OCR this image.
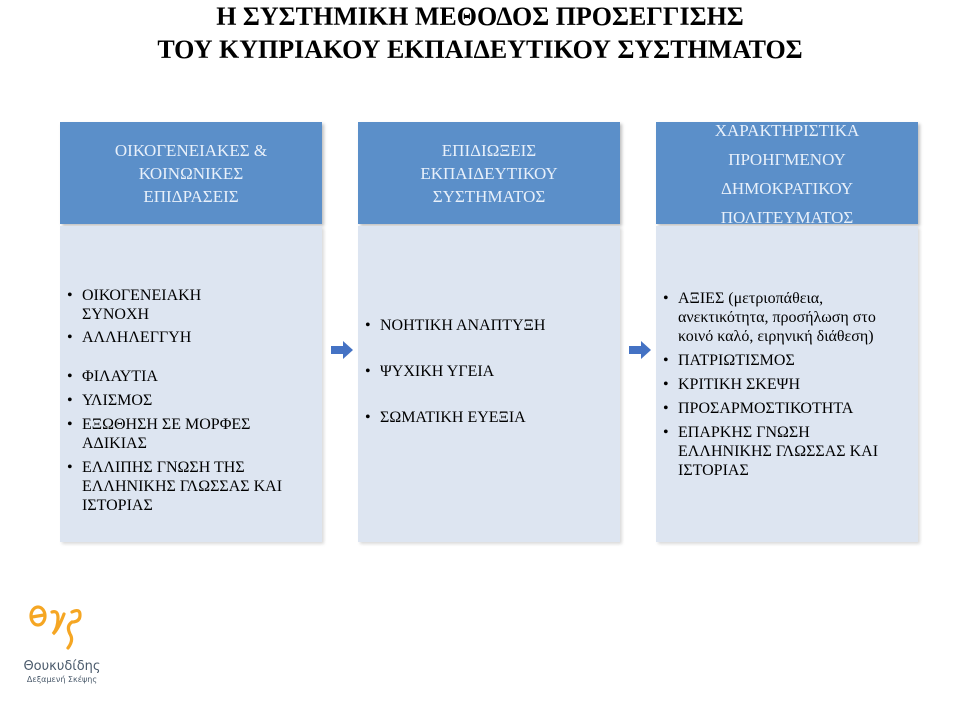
Η ΣΥΣΤΗΜΙΚΗ ΜΕΘΟΔΟΣ ΠΡΟΣΕΓΓΙΣΗΣ
ΤΟΥ ΚΥΠΡΙΑΚΟΥ ΕΚΠΑΙΔΕΥΤΙΚΟΥ ΣΥΣΤΗΜΑΤΟΣ
ΟΙΚΟΓΕΝΕΙΑΚΕΣ &
ΚΟΙΝΩΝΙΚΕΣ
ΕΠΙΔΡΑΣΕΙΣ
• ΟΙΚΟΓΕΝΕΙΑΚΗ ΣΥΝΟΧΗ
• ΑΛΛΗΛΕΓΓΥΗ
• ΦΙΛΑΥΤΙΑ
• ΥΛΙΣΜΟΣ
• ΕΞΩΘΗΣΗ ΣΕ ΜΟΡΦΕΣ ΑΔΙΚΙΑΣ
• ΕΛΛΙΠΗΣ ΓΝΩΣΗ ΤΗΣ ΕΛΛΗΝΙΚΗΣ ΓΛΩΣΣΑΣ ΚΑΙ ΙΣΤΟΡΙΑΣ
ΕΠΙΔΙΩΞΕΙΣ
ΕΚΠΑΙΔΕΥΤΙΚΟΥ
ΣΥΣΤΗΜΑΤΟΣ
• ΝΟΗΤΙΚΗ ΑΝΑΠΤΥΞΗ
• ΨΥΧΙΚΗ ΥΓΕΙΑ
• ΣΩΜΑΤΙΚΗ ΕΥΕΞΙΑ
ΧΑΡΑΚΤΗΡΙΣΤΙΚΑ
ΠΡΟΗΓΜΕΝΟΥ
ΔΗΜΟΚΡΑΤΙΚΟΥ
ΠΟΛΙΤΕΥΜΑΤΟΣ
• ΑΞΙΕΣ (μετριοπάθεια, ανεκτικότητα, προσήλωση στο κοινό καλό, ειρηνική διάθεση)
• ΠΑΤΡΙΩΤΙΣΜΟΣ
• ΚΡΙΤΙΚΗ ΣΚΕΨΗ
• ΠΡΟΣΑΡΜΟΣΤΙΚΟΤΗΤΑ
• ΕΠΑΡΚΗΣ ΓΝΩΣΗ ΕΛΛΗΝΙΚΗΣ ΓΛΩΣΣΑΣ ΚΑΙ ΙΣΤΟΡΙΑΣ
Θουκυδίδης
Δεξαμενή Σκέψης
